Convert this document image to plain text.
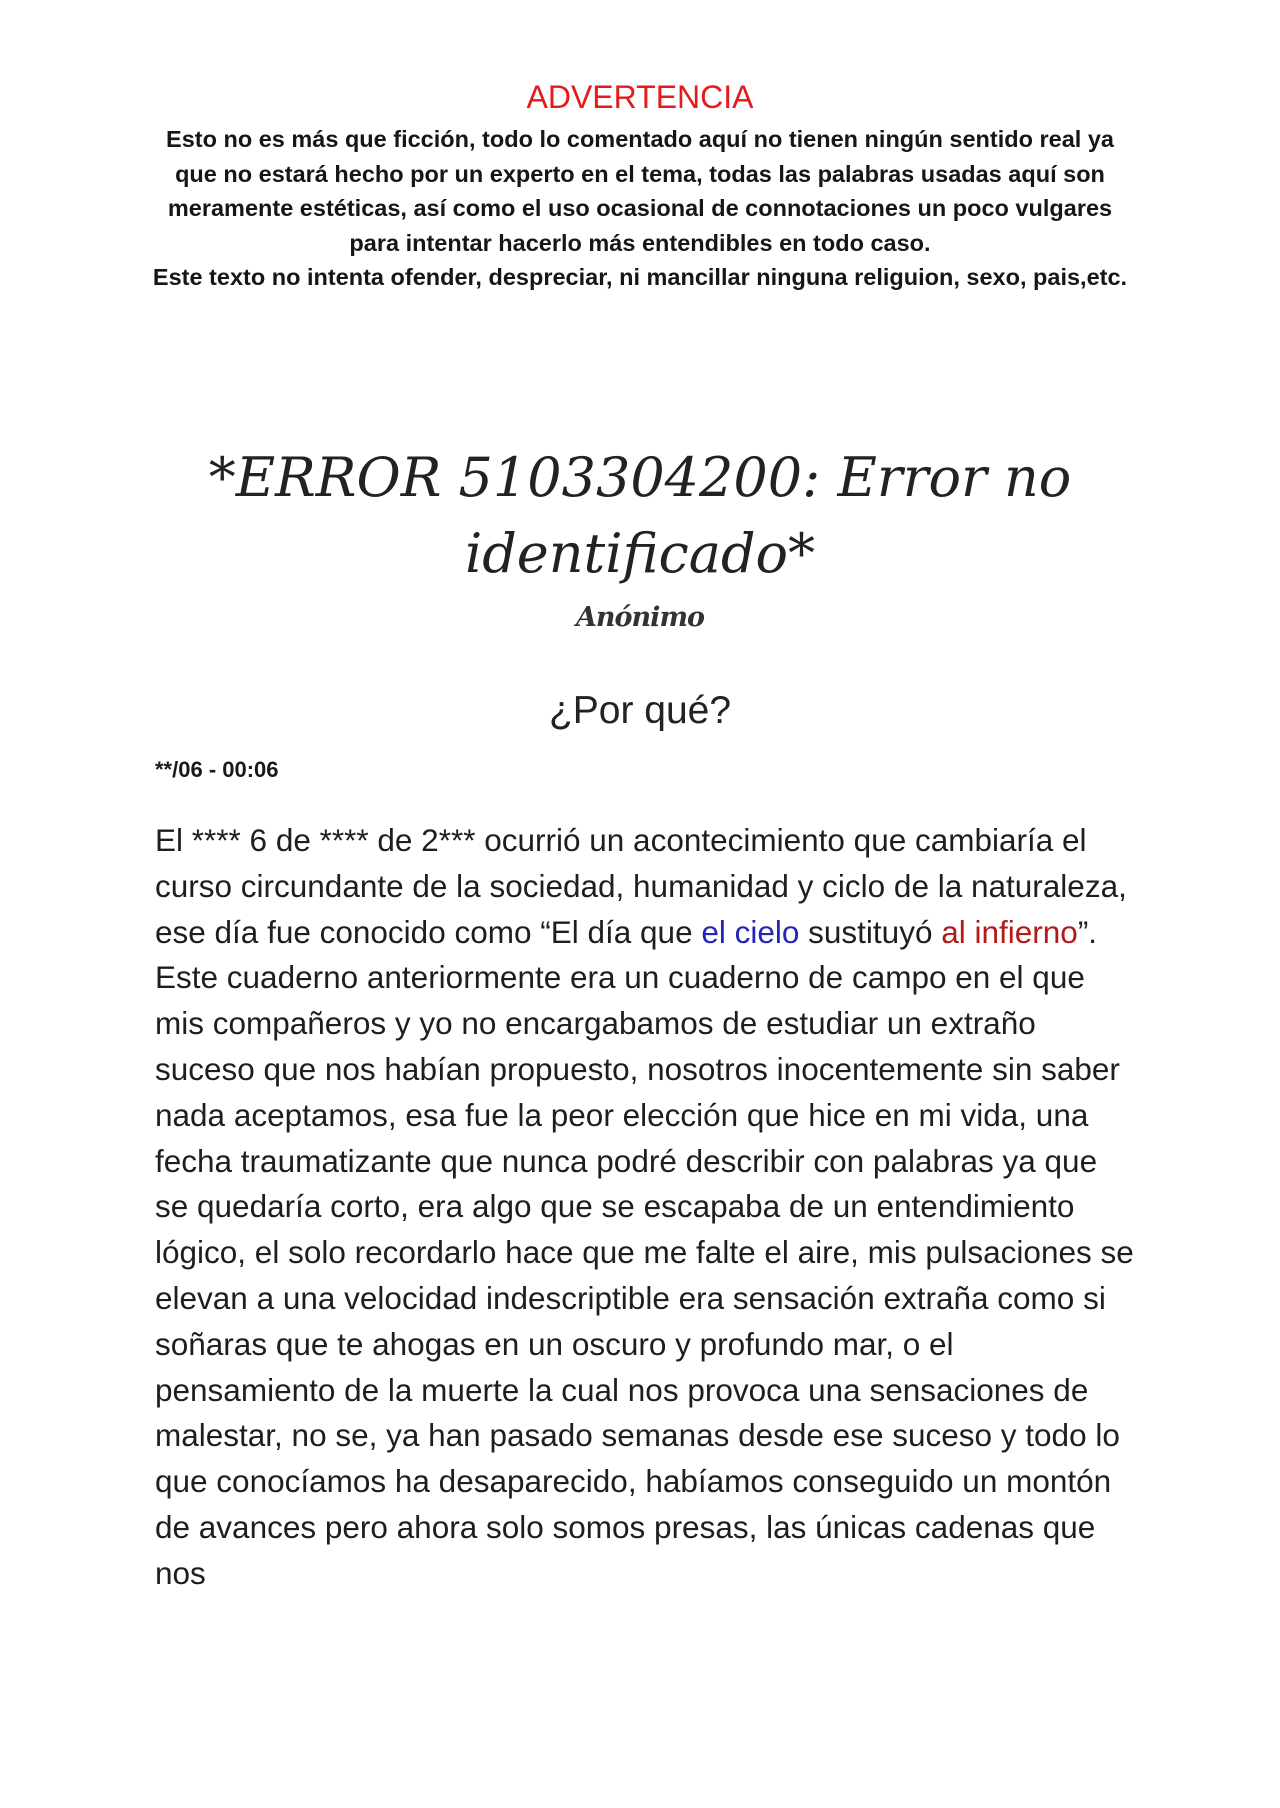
ADVERTENCIA

Esto no es más que ficción, todo lo comentado aquí no tienen ningún sentido real ya que no estará hecho por un experto en el tema, todas las palabras usadas aquí son meramente estéticas, así como el uso ocasional de connotaciones un poco vulgares para intentar hacerlo más entendibles en todo caso.
Este texto no intenta ofender, despreciar, ni mancillar ninguna religuion, sexo, pais,etc.

*ERROR 5103304200: Error no identificado*
Anónimo
¿Por qué?
**/06 - 00:06

El **** 6 de **** de 2*** ocurrió un acontecimiento que cambiaría el curso circundante de la sociedad, humanidad y ciclo de la naturaleza, ese día fue conocido como “El día que el cielo sustituyó al infierno”. Este cuaderno anteriormente era un cuaderno de campo en el que mis compañeros y yo no encargabamos de estudiar un extraño suceso que nos habían propuesto, nosotros inocentemente sin saber nada aceptamos, esa fue la peor elección que hice en mi vida, una fecha traumatizante que nunca podré describir con palabras ya que se quedaría corto, era algo que se escapaba de un entendimiento lógico, el solo recordarlo hace que me falte el aire, mis pulsaciones se elevan a una velocidad indescriptible era sensación extraña como si soñaras que te ahogas en un oscuro y profundo mar, o el pensamiento de la muerte la cual nos provoca una sensaciones de malestar, no se, ya han pasado semanas desde ese suceso y todo lo que conocíamos ha desaparecido, habíamos conseguido un montón de avances pero ahora solo somos presas, las únicas cadenas que nos
